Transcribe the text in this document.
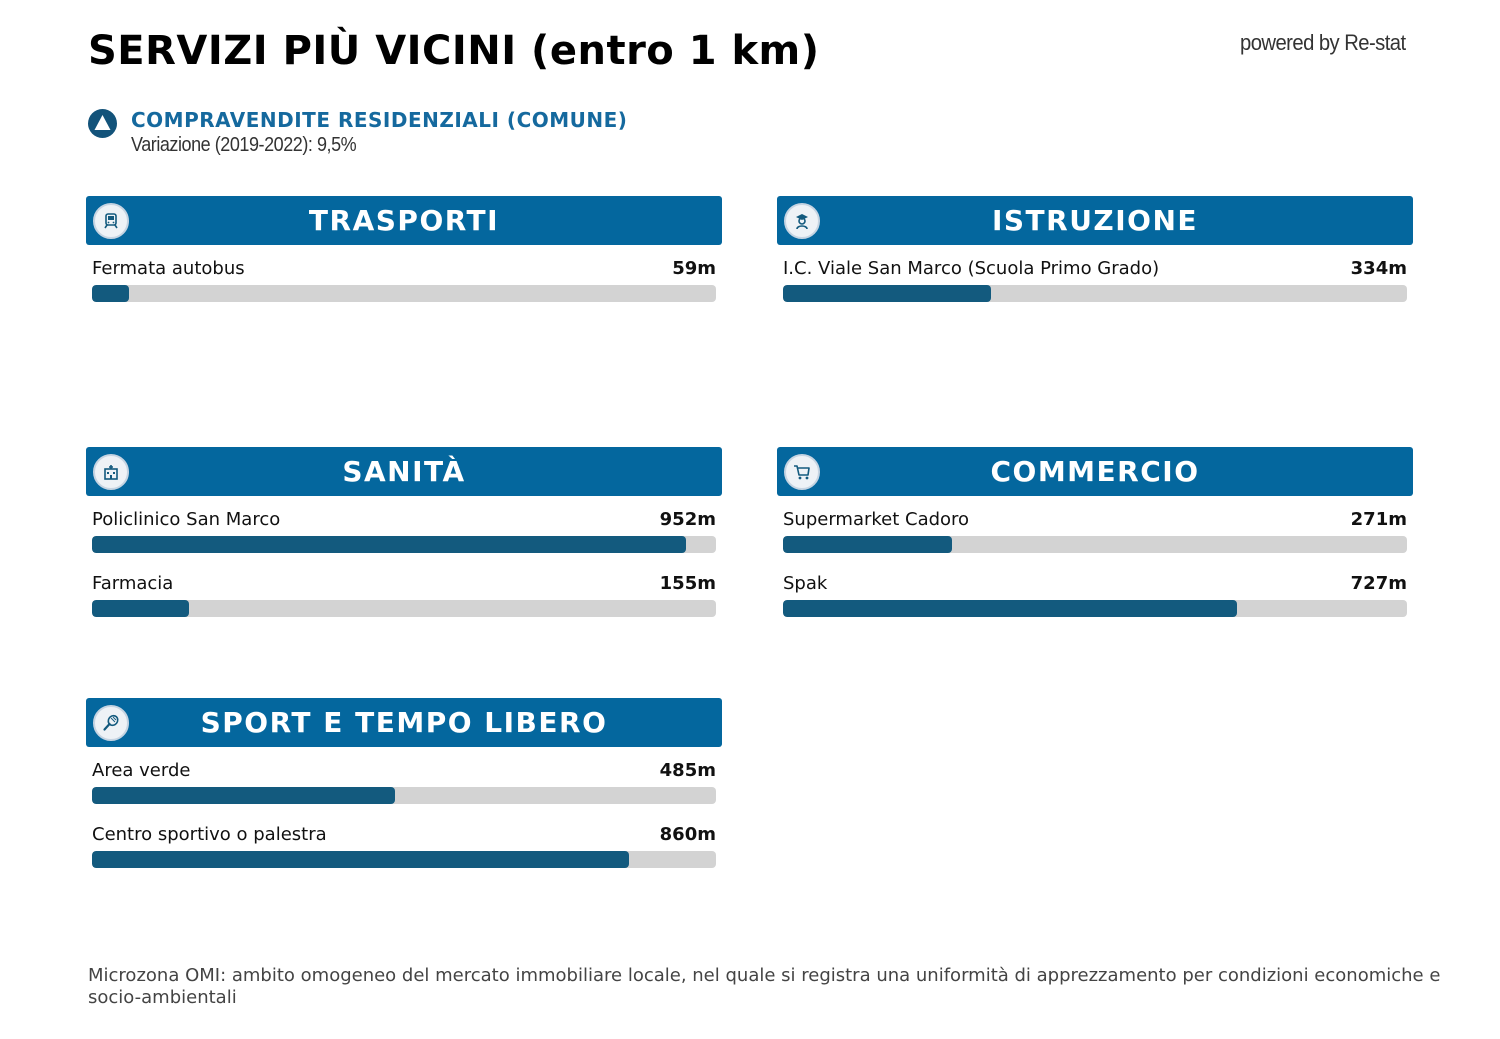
SERVIZI PIÙ VICINI (entro 1 km)	powered by Re-stat
COMPRAVENDITE RESIDENZIALI (COMUNE)
Variazione (2019-2022): 9,5%
TRASPORTI
Fermata autobus	59m
ISTRUZIONE
I.C. Viale San Marco (Scuola Primo Grado)	334m
SANITÀ
Policlinico San Marco	952m
Farmacia	155m
COMMERCIO
Supermarket Cadoro	271m
Spak	727m
SPORT E TEMPO LIBERO
Area verde	485m
Centro sportivo o palestra	860m
Microzona OMI: ambito omogeneo del mercato immobiliare locale, nel quale si registra una uniformità di apprezzamento per condizioni economiche e socio-ambientali
